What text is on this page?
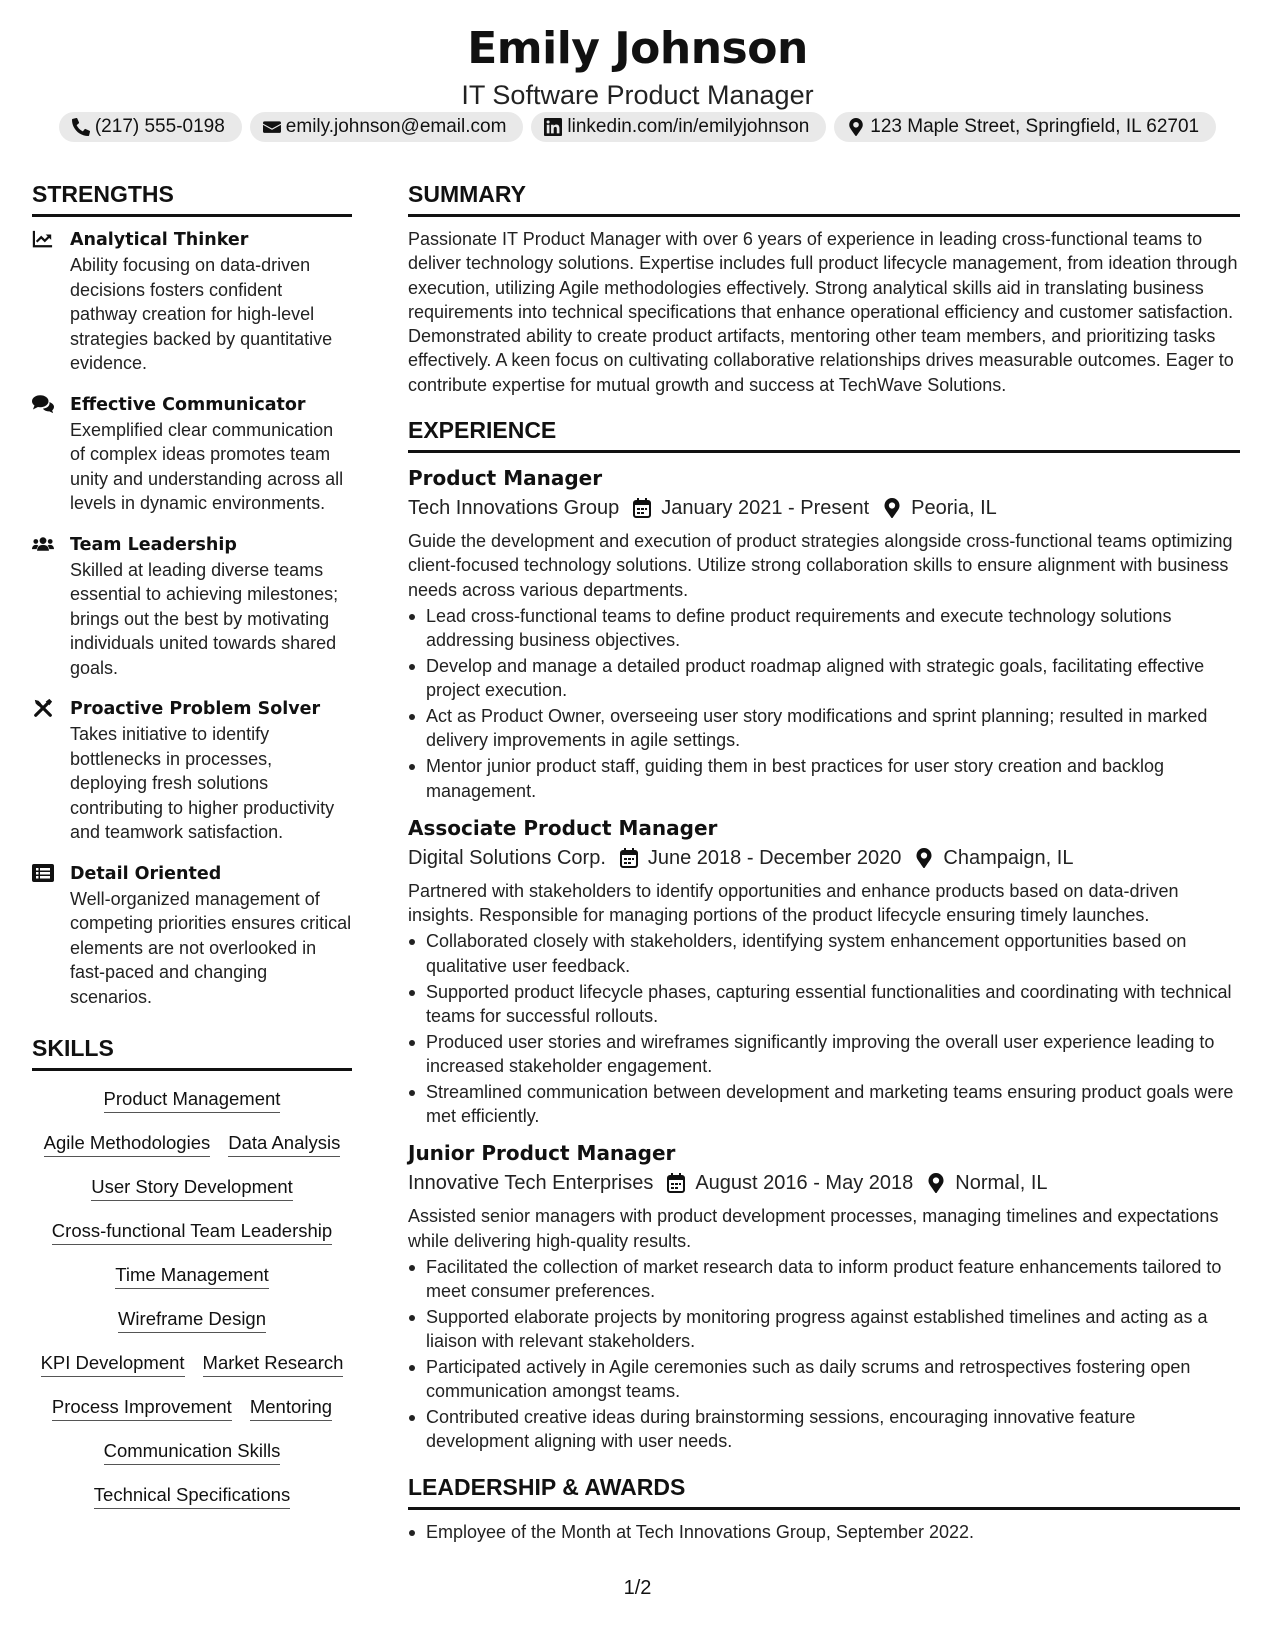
Emily Johnson
IT Software Product Manager
(217) 555-0198	emily.johnson@email.com	linkedin.com/in/emilyjohnson	123 Maple Street, Springfield, IL 62701
STRENGTHS
Analytical Thinker
Ability focusing on data-driven decisions fosters confident pathway creation for high-level strategies backed by quantitative evidence.
Effective Communicator
Exemplified clear communication of complex ideas promotes team unity and understanding across all levels in dynamic environments.
Team Leadership
Skilled at leading diverse teams essential to achieving milestones; brings out the best by motivating individuals united towards shared goals.
Proactive Problem Solver
Takes initiative to identify bottlenecks in processes, deploying fresh solutions contributing to higher productivity and teamwork satisfaction.
Detail Oriented
Well-organized management of competing priorities ensures critical elements are not overlooked in fast-paced and changing scenarios.
SKILLS
Product Management
Agile Methodologies Data Analysis
User Story Development
Cross-functional Team Leadership
Time Management
Wireframe Design
KPI Development Market Research
Process Improvement Mentoring
Communication Skills
Technical Specifications
SUMMARY
Passionate IT Product Manager with over 6 years of experience in leading cross-functional teams to deliver technology solutions. Expertise includes full product lifecycle management, from ideation through execution, utilizing Agile methodologies effectively. Strong analytical skills aid in translating business requirements into technical specifications that enhance operational efficiency and customer satisfaction. Demonstrated ability to create product artifacts, mentoring other team members, and prioritizing tasks effectively. A keen focus on cultivating collaborative relationships drives measurable outcomes. Eager to contribute expertise for mutual growth and success at TechWave Solutions.
EXPERIENCE
Product Manager
Tech Innovations Group January 2021 - Present Peoria, IL
Guide the development and execution of product strategies alongside cross-functional teams optimizing client-focused technology solutions. Utilize strong collaboration skills to ensure alignment with business needs across various departments.
Lead cross-functional teams to define product requirements and execute technology solutions addressing business objectives.
Develop and manage a detailed product roadmap aligned with strategic goals, facilitating effective project execution.
Act as Product Owner, overseeing user story modifications and sprint planning; resulted in marked delivery improvements in agile settings.
Mentor junior product staff, guiding them in best practices for user story creation and backlog management.
Associate Product Manager
Digital Solutions Corp. June 2018 - December 2020 Champaign, IL
Partnered with stakeholders to identify opportunities and enhance products based on data-driven insights. Responsible for managing portions of the product lifecycle ensuring timely launches.
Collaborated closely with stakeholders, identifying system enhancement opportunities based on qualitative user feedback.
Supported product lifecycle phases, capturing essential functionalities and coordinating with technical teams for successful rollouts.
Produced user stories and wireframes significantly improving the overall user experience leading to increased stakeholder engagement.
Streamlined communication between development and marketing teams ensuring product goals were met efficiently.
Junior Product Manager
Innovative Tech Enterprises August 2016 - May 2018 Normal, IL
Assisted senior managers with product development processes, managing timelines and expectations while delivering high-quality results.
Facilitated the collection of market research data to inform product feature enhancements tailored to meet consumer preferences.
Supported elaborate projects by monitoring progress against established timelines and acting as a liaison with relevant stakeholders.
Participated actively in Agile ceremonies such as daily scrums and retrospectives fostering open communication amongst teams.
Contributed creative ideas during brainstorming sessions, encouraging innovative feature development aligning with user needs.
LEADERSHIP & AWARDS
Employee of the Month at Tech Innovations Group, September 2022.
1/2
